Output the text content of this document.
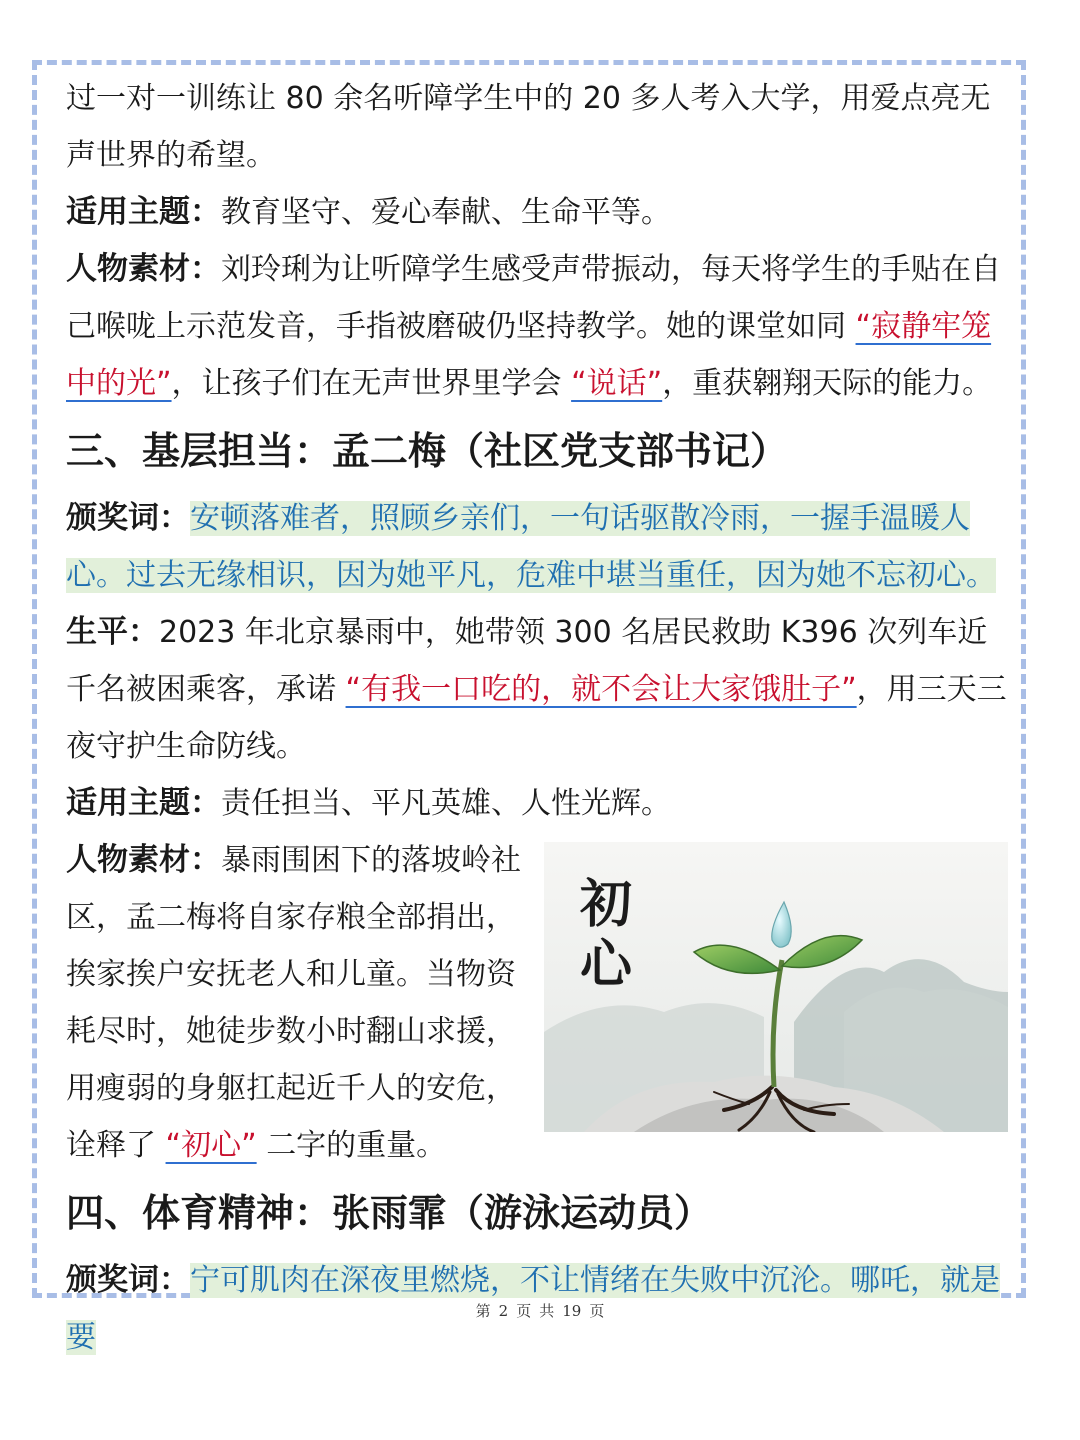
过一对一训练让 80 余名听障学生中的 20 多人考入大学，用爱点亮无声世界的希望。

适用主题：教育坚守、爱心奉献、生命平等。

人物素材：刘玲琍为让听障学生感受声带振动，每天将学生的手贴在自己喉咙上示范发音，手指被磨破仍坚持教学。她的课堂如同 “寂静牢笼中的光”，让孩子们在无声世界里学会 “说话”，重获翱翔天际的能力。

三、基层担当：孟二梅（社区党支部书记）

颁奖词：安顿落难者，照顾乡亲们，一句话驱散冷雨，一握手温暖人心。过去无缘相识，因为她平凡，危难中堪当重任，因为她不忘初心。

生平：2023 年北京暴雨中，她带领 300 名居民救助 K396 次列车近千名被困乘客，承诺 “有我一口吃的，就不会让大家饿肚子”，用三天三夜守护生命防线。

适用主题：责任担当、平凡英雄、人性光辉。

人物素材：暴雨围困下的落坡岭社区，孟二梅将自家存粮全部捐出，挨家挨户安抚老人和儿童。当物资耗尽时，她徒步数小时翻山求援，用瘦弱的身躯扛起近千人的安危，诠释了 “初心” 二字的重量。

初
心

四、体育精神：张雨霏（游泳运动员）

颁奖词：宁可肌肉在深夜里燃烧，不让情绪在失败中沉沦。哪吒，就是要

第 2 页 共 19 页
